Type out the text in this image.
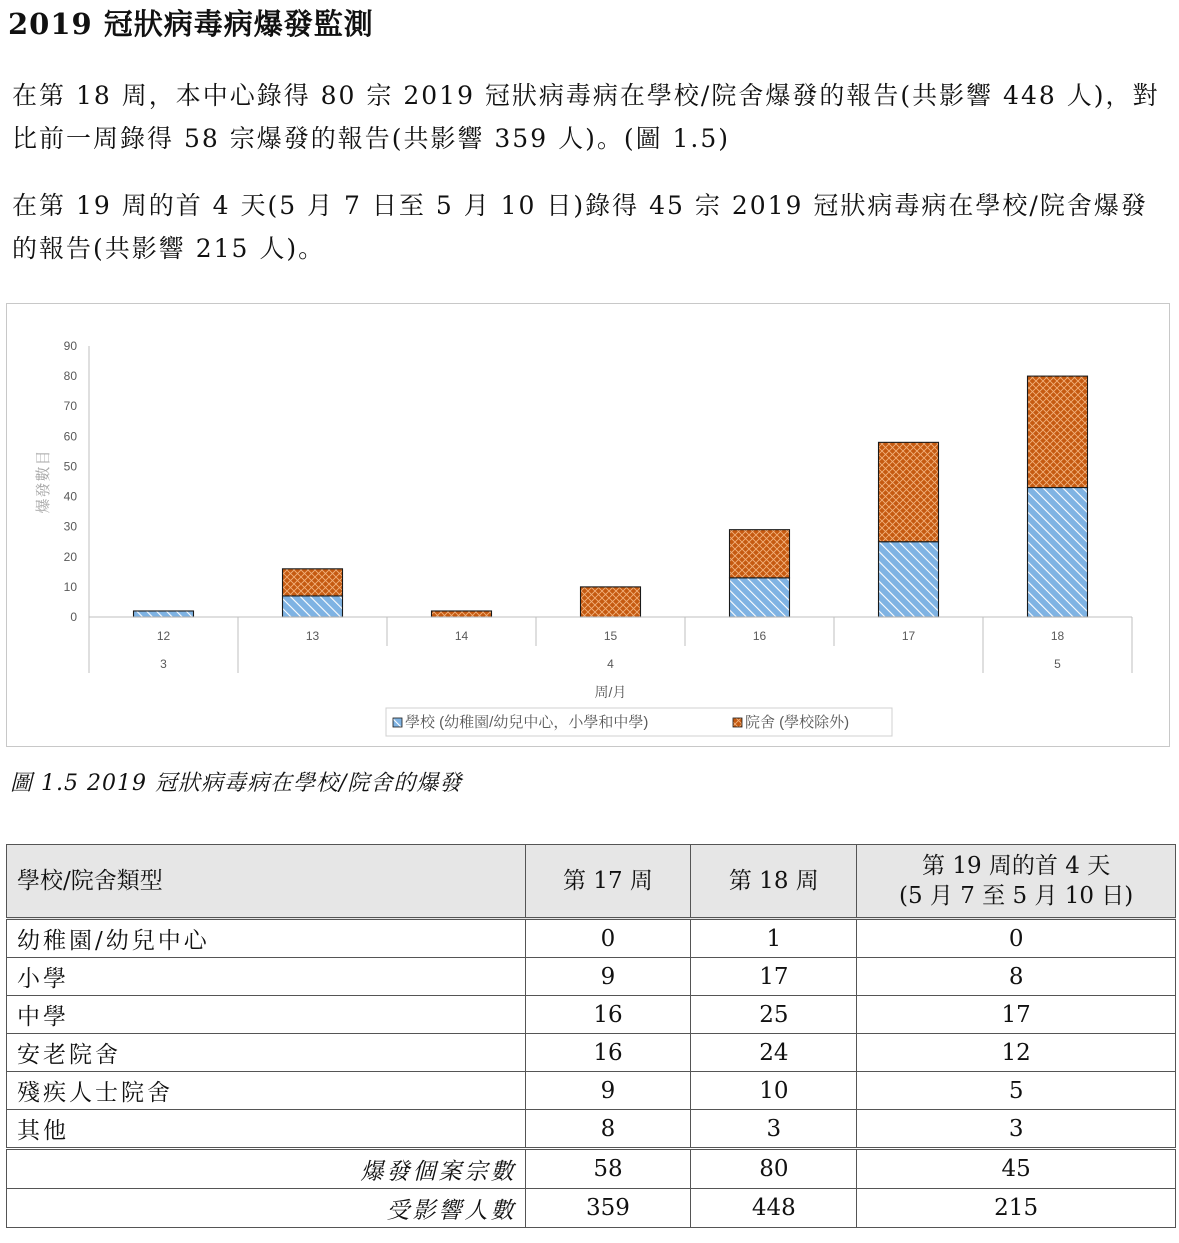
2019 冠狀病毒病爆發監測

在第 18 周，本中心錄得 80 宗 2019 冠狀病毒病在學校/院舍爆發的報告(共影響 448 人)，對比前一周錄得 58 宗爆發的報告(共影響 359 人)。(圖 1.5)

在第 19 周的首 4 天(5 月 7 日至 5 月 10 日)錄得 45 宗 2019 冠狀病毒病在學校/院舍爆發的報告(共影響 215 人)。

0
10
20
30
40
50
60
70
80
90
爆發數目
12	13	14	15	16	17	18
3	4	5
周/月
學校 (幼稚園/幼兒中心，小學和中學)	院舍 (學校除外)
圖 1.5 2019 冠狀病毒病在學校/院舍的爆發
學校/院舍類型	第 17 周	第 18 周	第 19 周的首 4 天
(5 月 7 至 5 月 10 日)
幼稚園/幼兒中心	0	1	0
小學	9	17	8
中學	16	25	17
安老院舍	16	24	12
殘疾人士院舍	9	10	5
其他	8	3	3
爆發個案宗數	58	80	45
受影響人數	359	448	215
